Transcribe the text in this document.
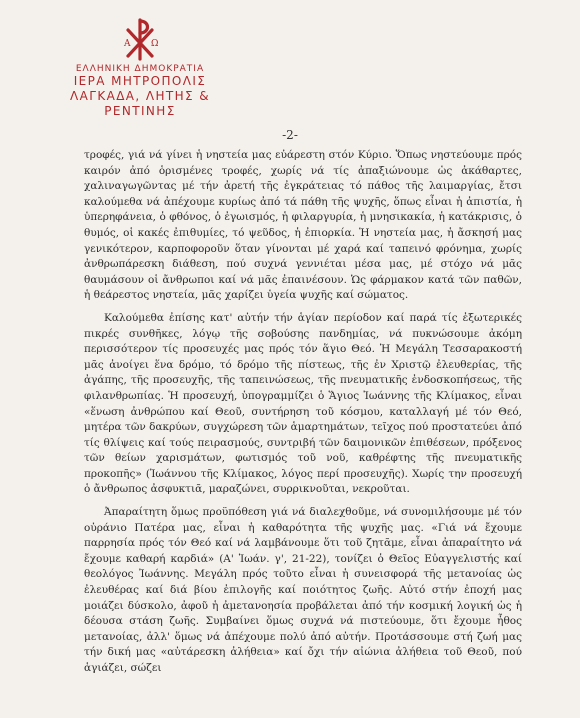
Α Ω
ΕΛΛΗΝΙΚΗ ΔΗΜΟΚΡΑΤΙΑ
ΙΕΡΑ ΜΗΤΡΟΠΟΛΙΣ
ΛΑΓΚΑΔΑ, ΛΗΤΗΣ & ΡΕΝΤΙΝΗΣ
-2-

τροφές, γιά νά γίνει ἡ νηστεία μας εὐάρεστη στόν Κύριο. Ὅπως νηστεύουμε πρός καιρόν ἀπό ὁρισμένες τροφές, χωρίς νά τίς ἀπαξιώνουμε ὡς ἀκάθαρτες, χαλιναγωγῶντας μέ τήν ἀρετή τῆς ἐγκράτειας τό πάθος τῆς λαιμαργίας, ἔτσι καλούμεθα νά ἀπέχουμε κυρίως ἀπό τά πάθη τῆς ψυχῆς, ὅπως εἶναι ἡ ἀπιστία, ἡ ὑπερηφάνεια, ὁ φθόνος, ὁ ἐγωισμός, ἡ φιλαργυρία, ἡ μνησικακία, ἡ κατάκρισις, ὁ θυμός, οἱ κακές ἐπιθυμίες, τό ψεῦδος, ἡ ἐπιορκία. Ἡ νηστεία μας, ἡ ἄσκησή μας γενικότερον, καρποφοροῦν ὅταν γίνονται μέ χαρά καί ταπεινό φρόνημα, χωρίς ἀνθρωπάρεσκη διάθεση, πού συχνά γεννιέται μέσα μας, μέ στόχο νά μᾶς θαυμάσουν οἱ ἄνθρωποι καί νά μᾶς ἐπαινέσουν. Ὡς φάρμακον κατά τῶν παθῶν, ἡ θεάρεστος νηστεία, μᾶς χαρίζει ὑγεία ψυχῆς καί σώματος.

Καλούμεθα ἐπίσης κατ' αὐτήν τήν ἁγίαν περίοδον καί παρά τίς ἐξωτερικές πικρές συνθῆκες, λόγῳ τῆς σοβούσης πανδημίας, νά πυκνώσουμε ἀκόμη περισσότερον τίς προσευχές μας πρός τόν ἅγιο Θεό. Ἡ Μεγάλη Τεσσαρακοστή μᾶς ἀνοίγει ἕνα δρόμο, τό δρόμο τῆς πίστεως, τῆς ἐν Χριστῷ ἐλευθερίας, τῆς ἀγάπης, τῆς προσευχῆς, τῆς ταπεινώσεως, τῆς πνευματικῆς ἐνδοσκοπήσεως, τῆς φιλανθρωπίας. Ἡ προσευχή, ὑπογραμμίζει ὁ Ἅγιος Ἰωάννης τῆς Κλίμακος, εἶναι «ἕνωση ἀνθρώπου καί Θεοῦ, συντήρηση τοῦ κόσμου, καταλλαγή μέ τόν Θεό, μητέρα τῶν δακρύων, συγχώρεση τῶν ἁμαρτημάτων, τεῖχος πού προστατεύει ἀπό τίς θλίψεις καί τούς πειρασμούς, συντριβή τῶν δαιμονικῶν ἐπιθέσεων, πρόξενος τῶν θείων χαρισμάτων, φωτισμός τοῦ νοῦ, καθρέφτης τῆς πνευματικῆς προκοπῆς» (Ἰωάννου τῆς Κλίμακος, λόγος περί προσευχῆς). Χωρίς την προσευχή ὁ ἄνθρωπος ἀσφυκτιᾶ, μαραζώνει, συρρικνοῦται, νεκροῦται.

Ἀπαραίτητη ὅμως προϋπόθεση γιά νά διαλεχθοῦμε, νά συνομιλήσουμε μέ τόν οὐράνιο Πατέρα μας, εἶναι ἡ καθαρότητα τῆς ψυχῆς μας. «Γιά νά ἔχουμε παρρησία πρός τόν Θεό καί νά λαμβάνουμε ὅτι τοῦ ζητᾶμε, εἶναι ἀπαραίτητο νά ἔχουμε καθαρή καρδιά» (Α' Ἰωάν. γ', 21-22), τονίζει ὁ Θεῖος Εὐαγγελιστής καί θεολόγος Ἰωάννης. Μεγάλη πρός τοῦτο εἶναι ἡ συνεισφορά τῆς μετανοίας ὡς ἐλευθέρας καί διά βίου ἐπιλογῆς καί ποιότητος ζωῆς. Αὐτό στήν ἐποχή μας μοιάζει δύσκολο, ἀφοῦ ἡ ἀμετανοησία προβάλεται ἀπό τήν κοσμική λογική ὡς ἡ δέουσα στάση ζωῆς. Συμβαίνει ὅμως συχνά νά πιστεύουμε, ὅτι ἔχουμε ἦθος μετανοίας, ἀλλ' ὅμως νά ἀπέχουμε πολύ ἀπό αὐτήν. Προτάσσουμε στή ζωή μας τήν δική μας «αὐτάρεσκη ἀλήθεια» καί ὄχι τήν αἰώνια ἀλήθεια τοῦ Θεοῦ, πού ἁγιάζει, σώζει
